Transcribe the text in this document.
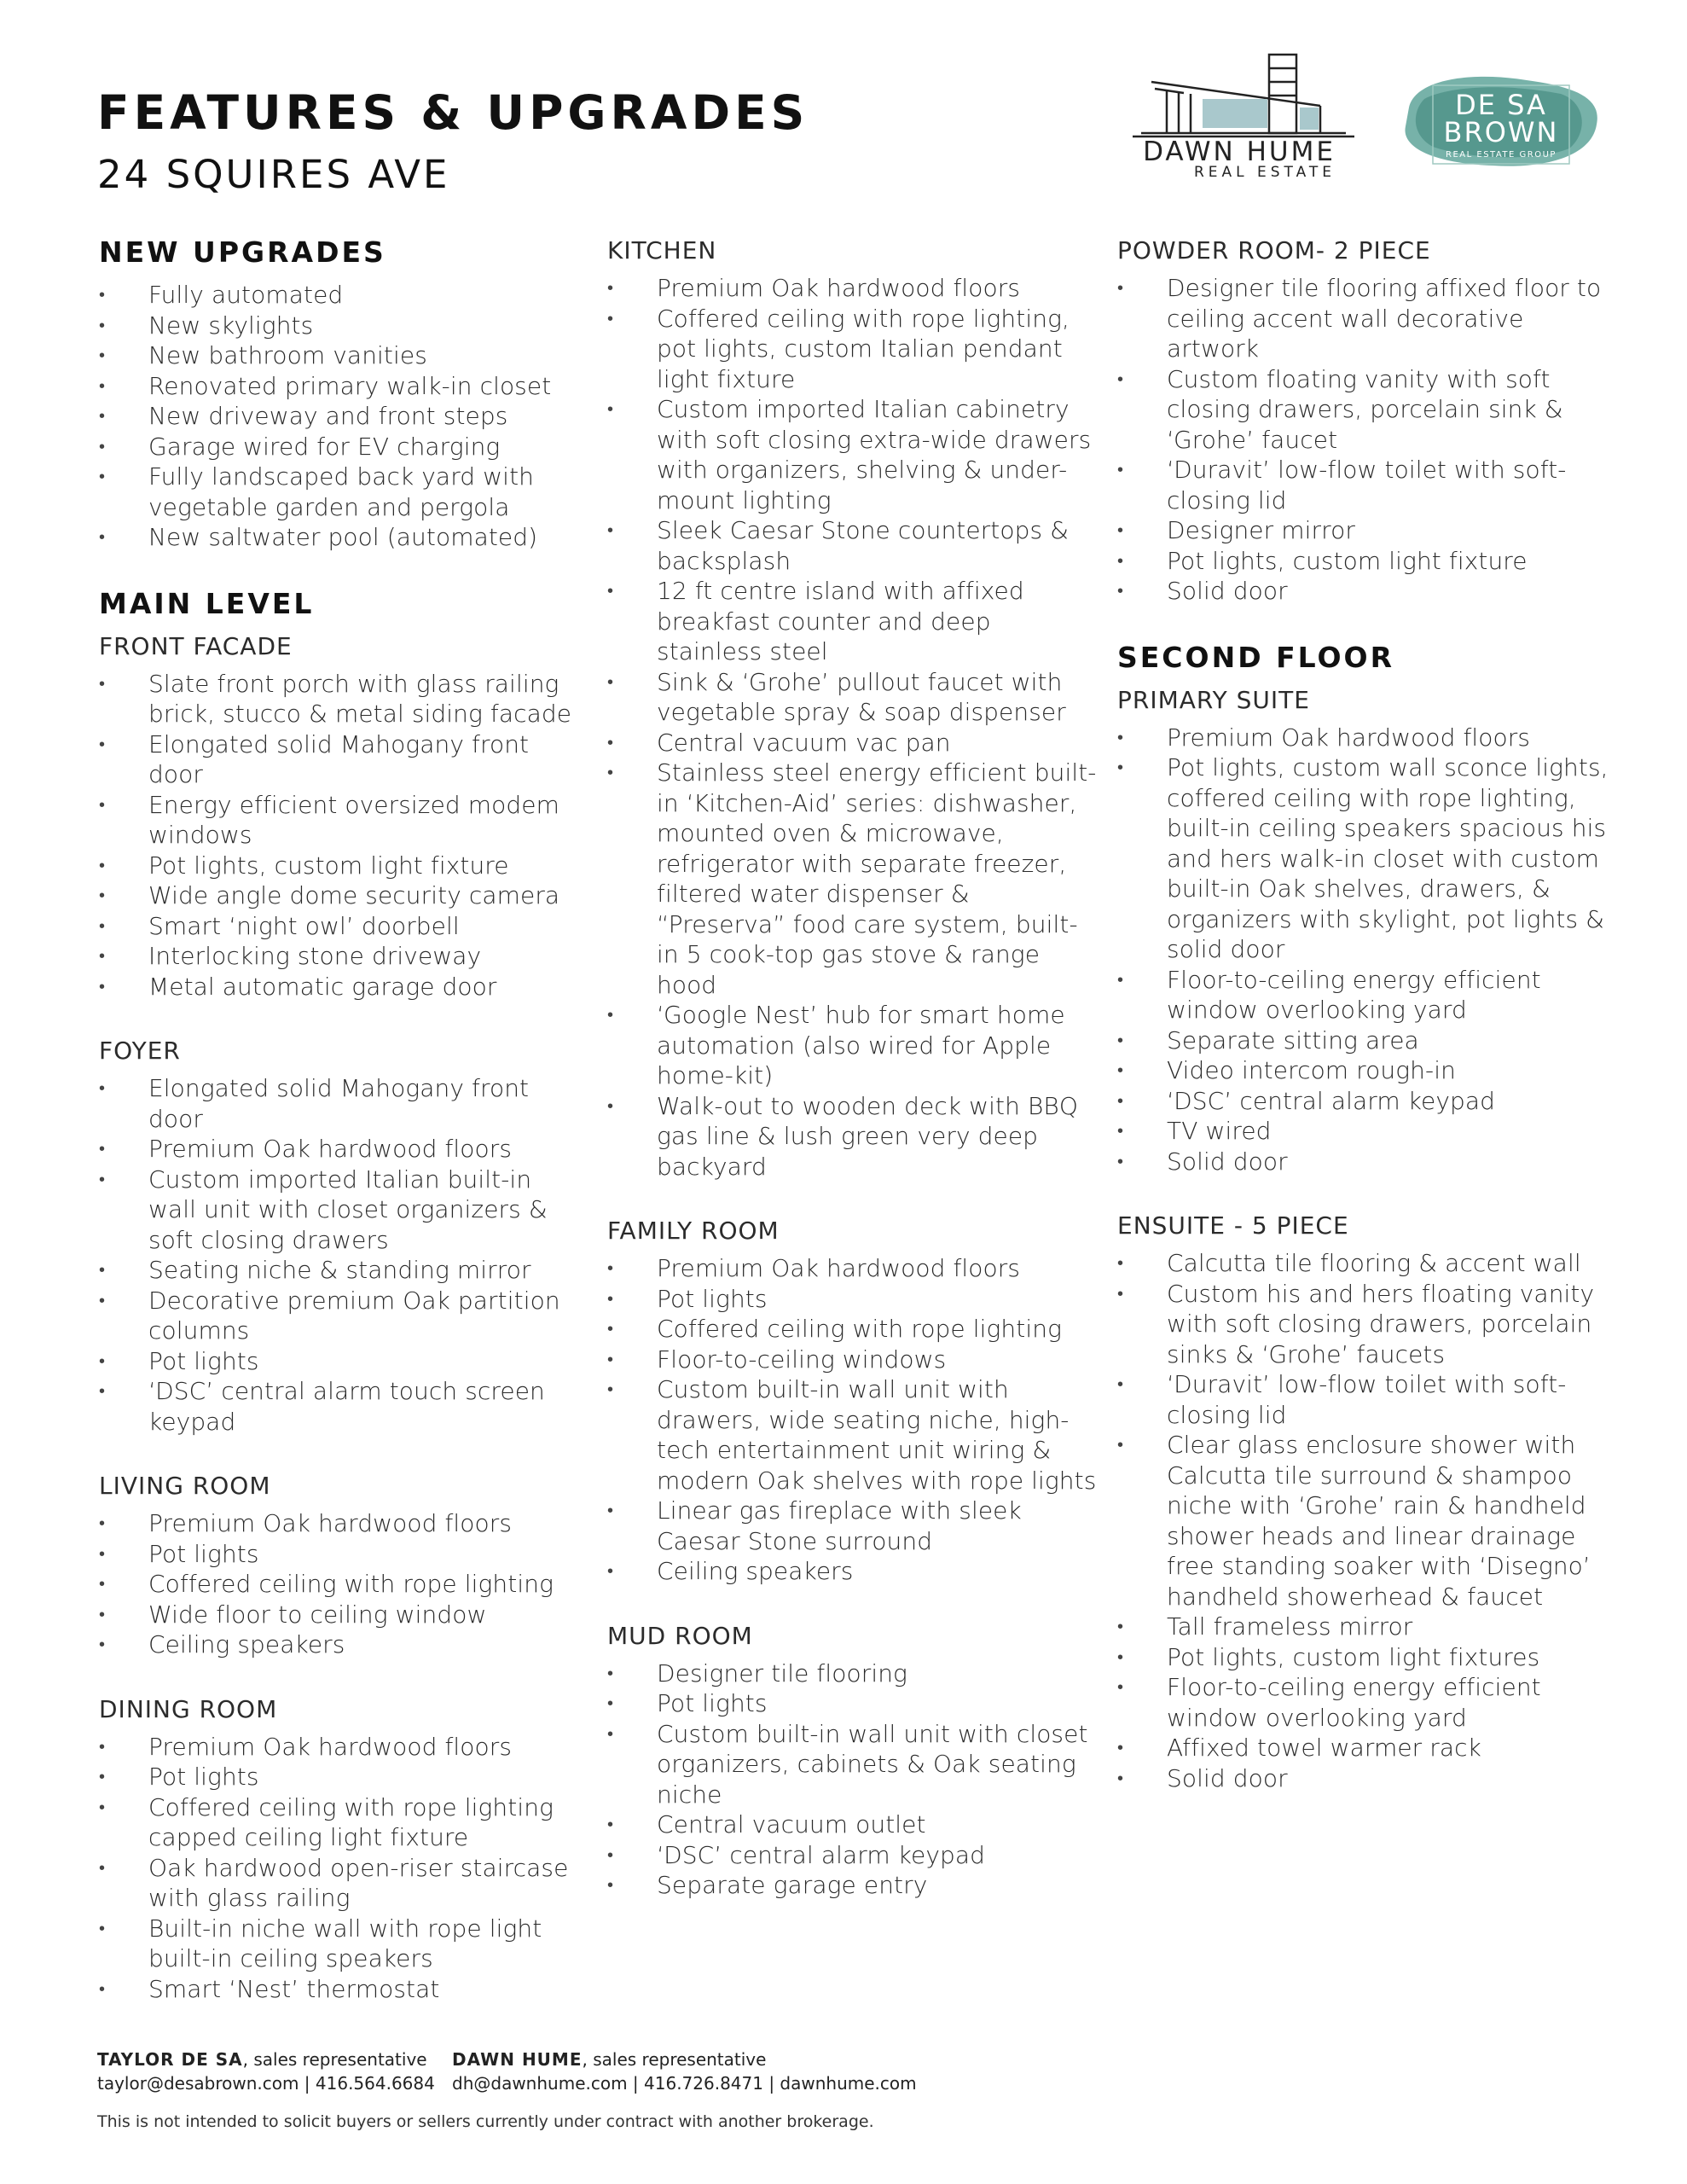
FEATURES & UPGRADES
24 SQUIRES AVE	DAWN HUME
REAL ESTATE
DE SA
BROWN
REAL ESTATE GROUP
NEW UPGRADES
• Fully automated
• New skylights
• New bathroom vanities
• Renovated primary walk-in closet
• New driveway and front steps
• Garage wired for EV charging
• Fully landscaped back yard with vegetable garden and pergola
• New saltwater pool (automated)
MAIN LEVEL
FRONT FACADE
• Slate front porch with glass railing brick, stucco & metal siding facade
• Elongated solid Mahogany front door
• Energy efficient oversized modem windows
• Pot lights, custom light fixture
• Wide angle dome security camera
• Smart ‘night owl’ doorbell
• Interlocking stone driveway
• Metal automatic garage door
FOYER
• Elongated solid Mahogany front door
• Premium Oak hardwood floors
• Custom imported Italian built-in wall unit with closet organizers & soft closing drawers
• Seating niche & standing mirror
• Decorative premium Oak partition columns
• Pot lights
• ‘DSC’ central alarm touch screen keypad
LIVING ROOM
• Premium Oak hardwood floors
• Pot lights
• Coffered ceiling with rope lighting
• Wide floor to ceiling window
• Ceiling speakers
DINING ROOM
• Premium Oak hardwood floors
• Pot lights
• Coffered ceiling with rope lighting capped ceiling light fixture
• Oak hardwood open-riser staircase with glass railing
• Built-in niche wall with rope light built-in ceiling speakers
• Smart ‘Nest’ thermostat
KITCHEN
• Premium Oak hardwood floors
• Coffered ceiling with rope lighting, pot lights, custom Italian pendant light fixture
• Custom imported Italian cabinetry with soft closing extra-wide drawers with organizers, shelving & under-mount lighting
• Sleek Caesar Stone countertops & backsplash
• 12 ft centre island with affixed breakfast counter and deep stainless steel
• Sink & ‘Grohe’ pullout faucet with vegetable spray & soap dispenser
• Central vacuum vac pan
• Stainless steel energy efficient built-in ‘Kitchen-Aid’ series: dishwasher, mounted oven & microwave, refrigerator with separate freezer, filtered water dispenser & “Preserva” food care system, built-in 5 cook-top gas stove & range hood
• ‘Google Nest’ hub for smart home automation (also wired for Apple home-kit)
• Walk-out to wooden deck with BBQ gas line & lush green very deep backyard
FAMILY ROOM
• Premium Oak hardwood floors
• Pot lights
• Coffered ceiling with rope lighting
• Floor-to-ceiling windows
• Custom built-in wall unit with drawers, wide seating niche, high-tech entertainment unit wiring & modern Oak shelves with rope lights
• Linear gas fireplace with sleek Caesar Stone surround
• Ceiling speakers
MUD ROOM
• Designer tile flooring
• Pot lights
• Custom built-in wall unit with closet organizers, cabinets & Oak seating niche
• Central vacuum outlet
• ‘DSC’ central alarm keypad
• Separate garage entry
POWDER ROOM- 2 PIECE
• Designer tile flooring affixed floor to ceiling accent wall decorative artwork
• Custom floating vanity with soft closing drawers, porcelain sink & ‘Grohe’ faucet
• ‘Duravit’ low-flow toilet with soft-closing lid
• Designer mirror
• Pot lights, custom light fixture
• Solid door
SECOND FLOOR
PRIMARY SUITE
• Premium Oak hardwood floors
• Pot lights, custom wall sconce lights, coffered ceiling with rope lighting, built-in ceiling speakers spacious his and hers walk-in closet with custom built-in Oak shelves, drawers, & organizers with skylight, pot lights & solid door
• Floor-to-ceiling energy efficient window overlooking yard
• Separate sitting area
• Video intercom rough-in
• ‘DSC’ central alarm keypad
• TV wired
• Solid door
ENSUITE - 5 PIECE
• Calcutta tile flooring & accent wall
• Custom his and hers floating vanity with soft closing drawers, porcelain sinks & ‘Grohe’ faucets
• ‘Duravit’ low-flow toilet with soft-closing lid
• Clear glass enclosure shower with Calcutta tile surround & shampoo niche with ‘Grohe’ rain & handheld shower heads and linear drainage free standing soaker with ‘Disegno’ handheld showerhead & faucet
• Tall frameless mirror
• Pot lights, custom light fixtures
• Floor-to-ceiling energy efficient window overlooking yard
• Affixed towel warmer rack
• Solid door
TAYLOR DE SA, sales representative
taylor@desabrown.com | 416.564.6684
DAWN HUME, sales representative
dh@dawnhume.com | 416.726.8471 | dawnhume.com
This is not intended to solicit buyers or sellers currently under contract with another brokerage.
